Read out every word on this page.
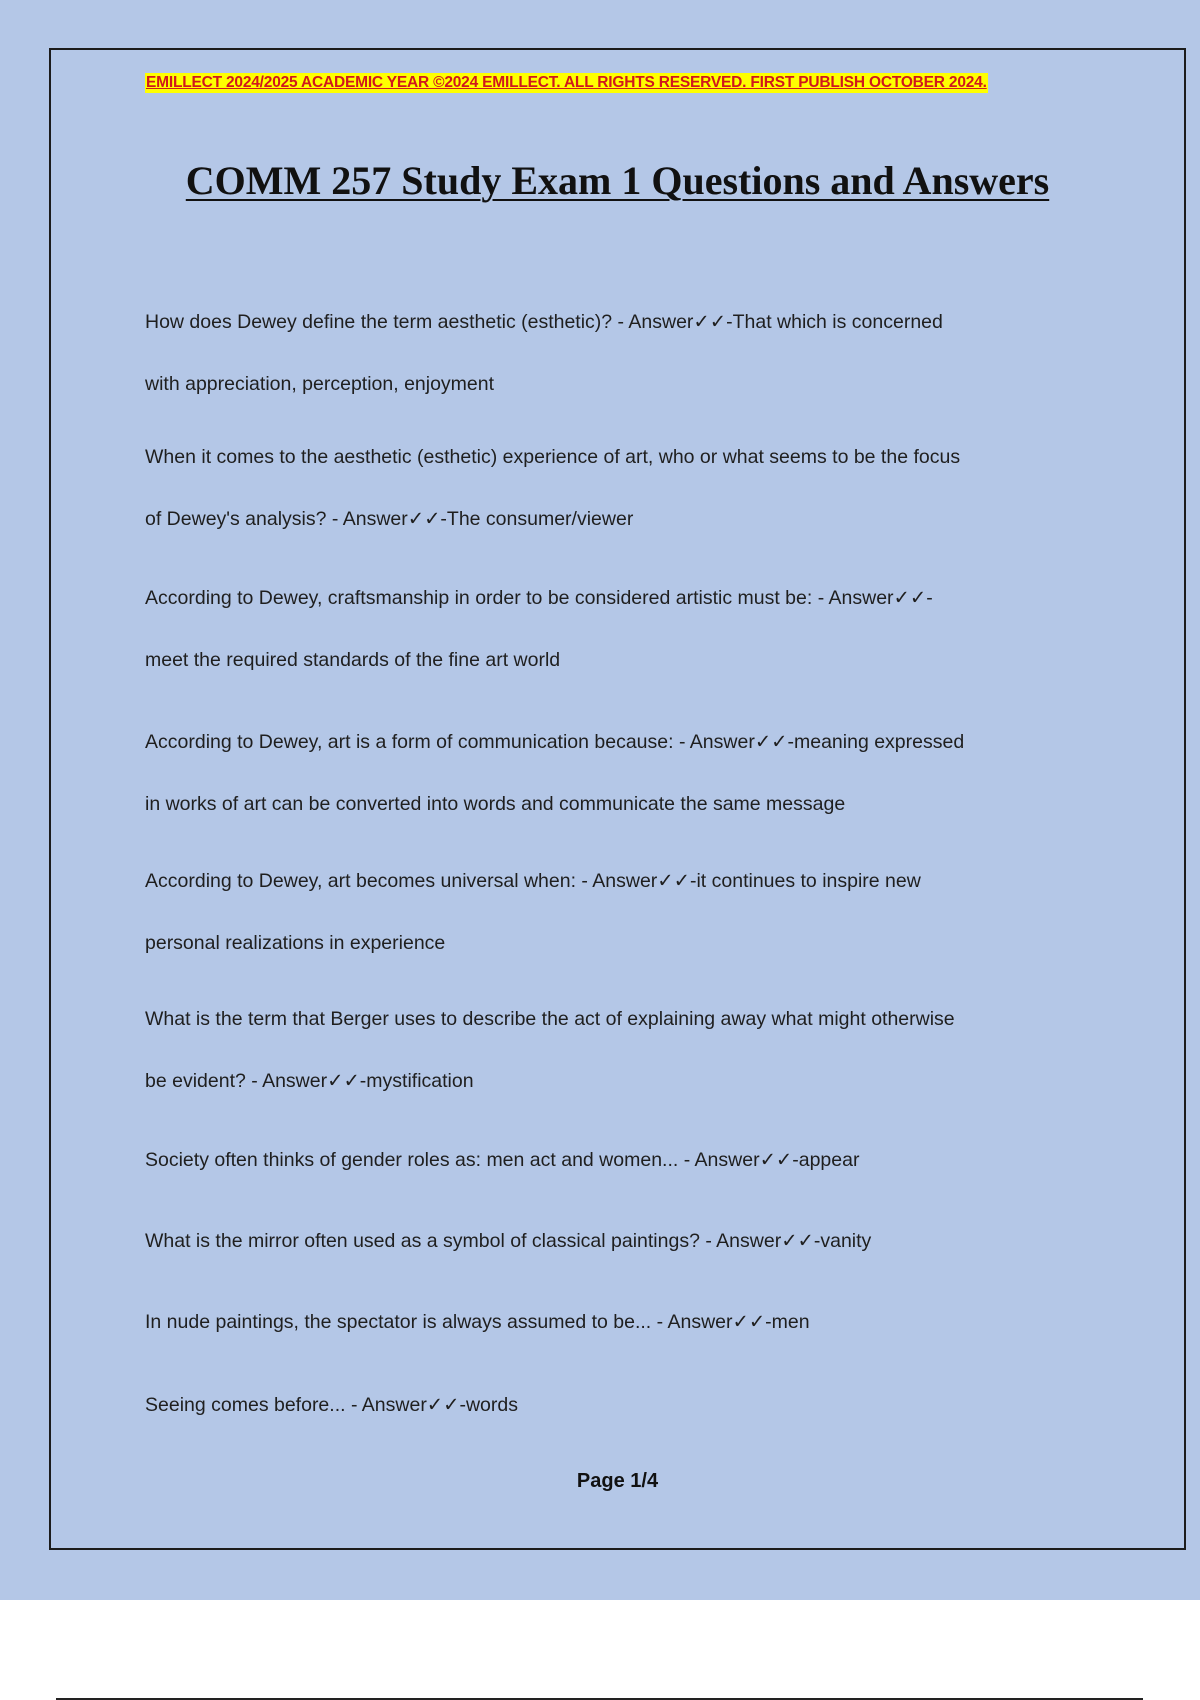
EMILLECT 2024/2025 ACADEMIC YEAR ©2024 EMILLECT. ALL RIGHTS RESERVED. FIRST PUBLISH OCTOBER 2024.
COMM 257 Study Exam 1 Questions and Answers
How does Dewey define the term aesthetic (esthetic)? - Answer✓✓-That which is concerned
with appreciation, perception, enjoyment
When it comes to the aesthetic (esthetic) experience of art, who or what seems to be the focus
of Dewey's analysis? - Answer✓✓-The consumer/viewer
According to Dewey, craftsmanship in order to be considered artistic must be: - Answer✓✓-
meet the required standards of the fine art world
According to Dewey, art is a form of communication because: - Answer✓✓-meaning expressed
in works of art can be converted into words and communicate the same message
According to Dewey, art becomes universal when: - Answer✓✓-it continues to inspire new
personal realizations in experience
What is the term that Berger uses to describe the act of explaining away what might otherwise
be evident? - Answer✓✓-mystification
Society often thinks of gender roles as: men act and women... - Answer✓✓-appear
What is the mirror often used as a symbol of classical paintings? - Answer✓✓-vanity
In nude paintings, the spectator is always assumed to be... - Answer✓✓-men
Seeing comes before... - Answer✓✓-words
Page 1/4
